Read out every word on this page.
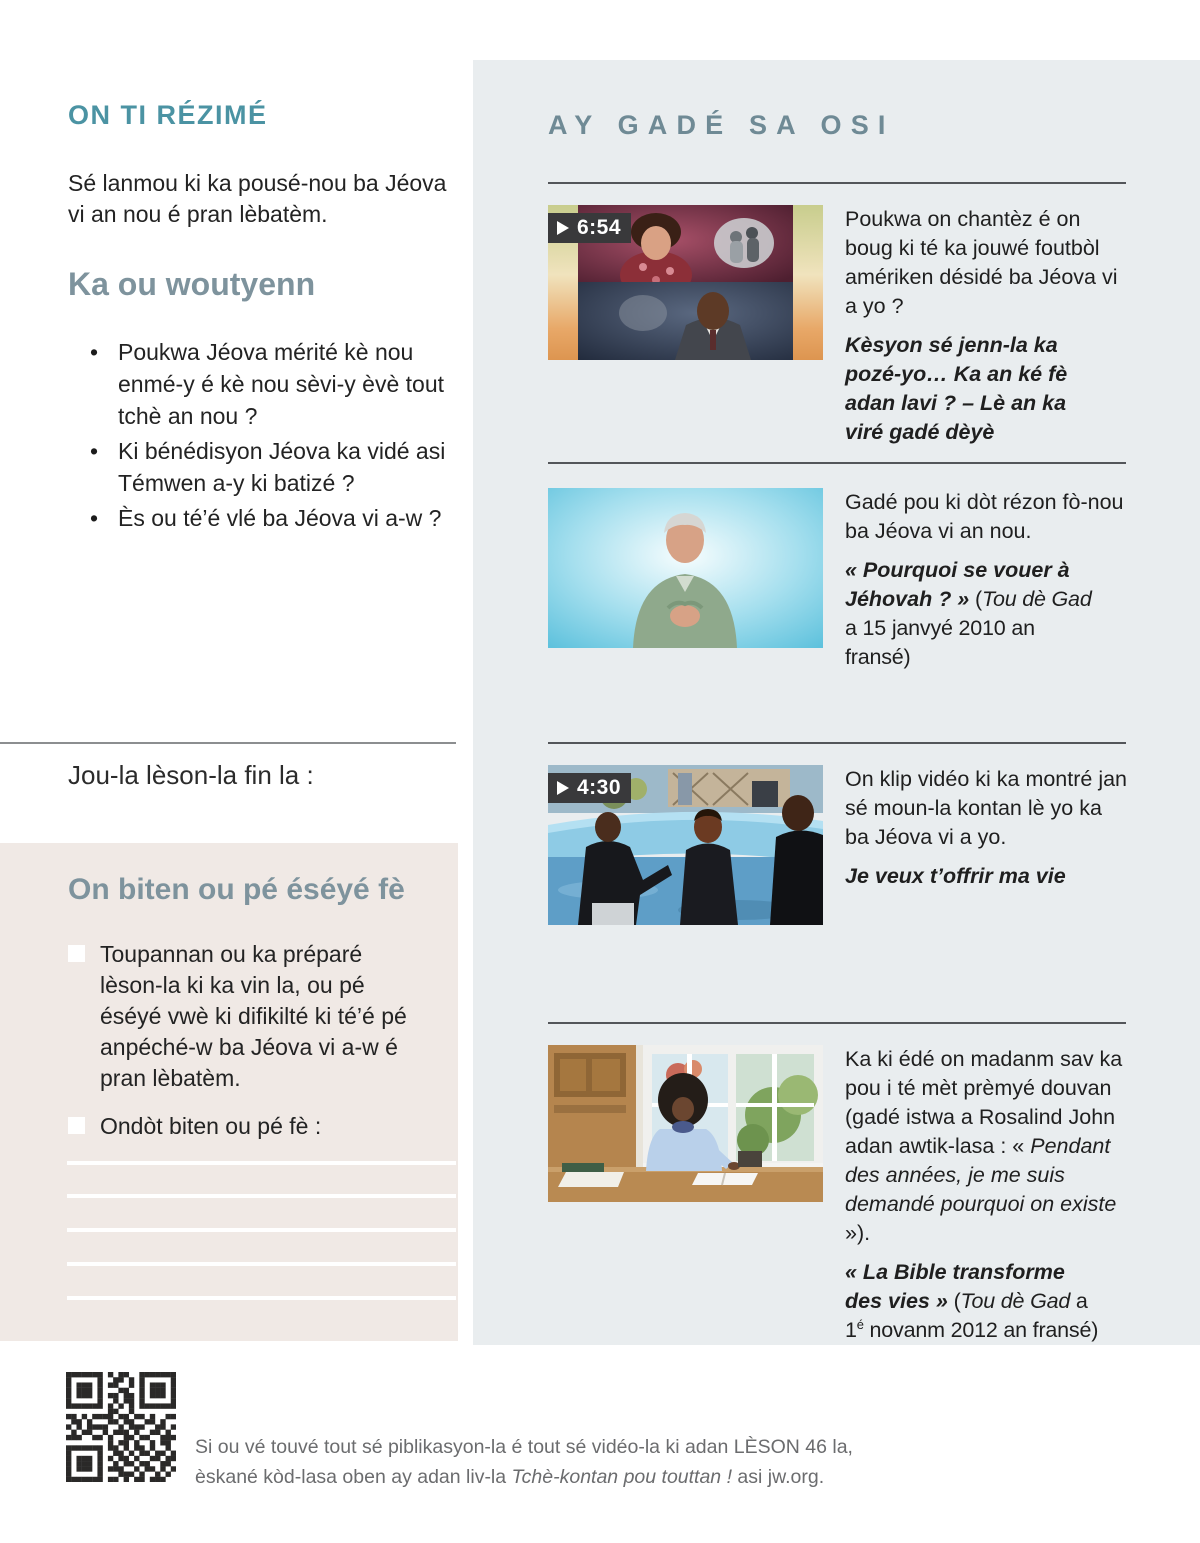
ON TI RÉZIMÉ
Sé lanmou ki ka pousé-nou ba Jéova vi an nou é pran lèbatèm.
Ka ou woutyenn
• Poukwa Jéova mérité kè nou enmé-y é kè nou sèvi-y èvè tout tchè an nou ?
• Ki bénédisyon Jéova ka vidé asi Témwen a-y ki batizé ?
• Ès ou té’é vlé ba Jéova vi a-w ?
Jou-la lèson-la fin la :
On biten ou pé éséyé fè
Toupannan ou ka préparé lèson-la ki ka vin la, ou pé éséyé vwè ki difikilté ki té’é pé anpéché-w ba Jéova vi a-w é pran lèbatèm.
Ondòt biten ou pé fè :
AY GADÉ SA OSI
6:54	Poukwa on chantèz é on boug ki té ka jouwé foutbòl amériken désidé ba Jéova vi a yo ?

Kèsyon sé jenn-la ka pozé-yo… Ka an ké fè adan lavi ? – Lè an ka viré gadé dèyè

Gadé pou ki dòt rézon fò-nou ba Jéova vi an nou.

« Pourquoi se vouer à Jéhovah ? » (Tou dè Gad a 15 janvyé 2010 an fransé)

4:30	On klip vidéo ki ka montré jan sé moun-la kontan lè yo ka ba Jéova vi a yo.

Je veux t’offrir ma vie

Ka ki édé on madanm sav ka pou i té mèt prèmyé douvan (gadé istwa a Rosalind John adan awtik-lasa : « Pendant des années, je me suis demandé pourquoi on existe »).

« La Bible transforme des vies » (Tou dè Gad a 1$^é$ novanm 2012 an fransé)

Si ou vé touvé tout sé piblikasyon-la é tout sé vidéo-la ki adan LÈSON 46 la,
èskané kòd-lasa oben ay adan liv-la Tchè-kontan pou touttan ! asi jw.org.
